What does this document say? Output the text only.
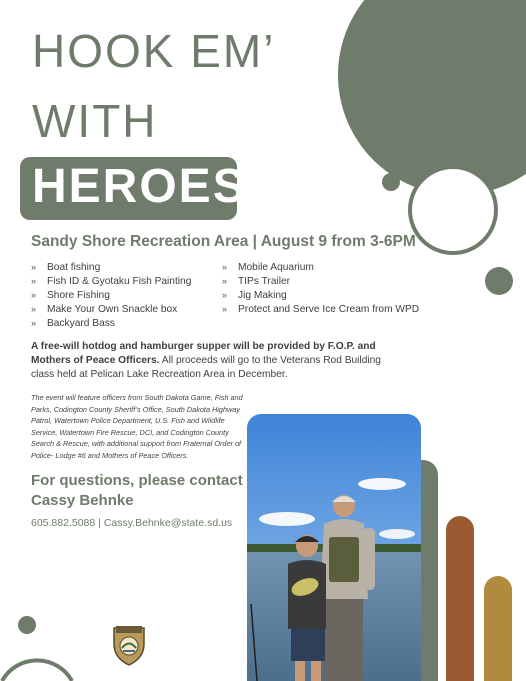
HOOK EM’
WITH
HEROES
Sandy Shore Recreation Area | August 9 from 3-6PM
» Boat fishing
» Fish ID & Gyotaku Fish Painting
» Shore Fishing
» Make Your Own Snackle box
» Backyard Bass
» Mobile Aquarium
» TIPs Trailer
» Jig Making
» Protect and Serve Ice Cream from WPD
A free-will hotdog and hamburger supper will be provided by F.O.P. and Mothers of Peace Officers. All proceeds will go to the Veterans Rod Building class held at Pelican Lake Recreation Area in December.
The event will feature officers from South Dakota Game, Fish and Parks, Codington County Sheriff’s Office, South Dakota Highway Patrol, Watertown Police Department, U.S. Fish and Wildlife Service, Watertown Fire Rescue, DCI, and Codington County Search & Rescue, with additional support from Fraternal Order of Police- Lodge #6 and Mothers of Peace Officers.
For questions, please contact Cassy Behnke
605.882.5088 | Cassy.Behnke@state.sd.us
